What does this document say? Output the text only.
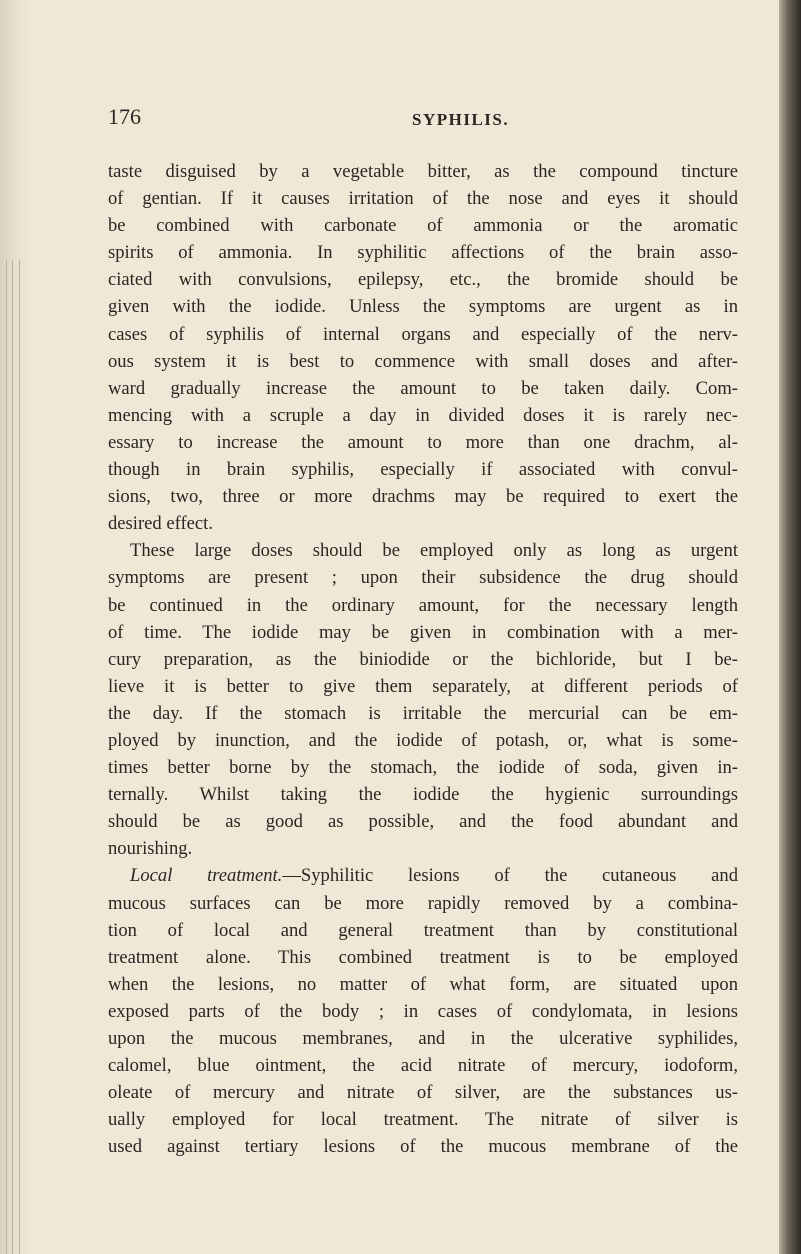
176	SYPHILIS.

taste disguised by a vegetable bitter, as the compound tincture

of gentian. If it causes irritation of the nose and eyes it should

be combined with carbonate of ammonia or the aromatic

spirits of ammonia. In syphilitic affections of the brain asso-

ciated with convulsions, epilepsy, etc., the bromide should be

given with the iodide. Unless the symptoms are urgent as in

cases of syphilis of internal organs and especially of the nerv-

ous system it is best to commence with small doses and after-

ward gradually increase the amount to be taken daily. Com-

mencing with a scruple a day in divided doses it is rarely nec-

essary to increase the amount to more than one drachm, al-

though in brain syphilis, especially if associated with convul-

sions, two, three or more drachms may be required to exert the

desired effect.

These large doses should be employed only as long as urgent

symptoms are present ; upon their subsidence the drug should

be continued in the ordinary amount, for the necessary length

of time. The iodide may be given in combination with a mer-

cury preparation, as the biniodide or the bichloride, but I be-

lieve it is better to give them separately, at different periods of

the day. If the stomach is irritable the mercurial can be em-

ployed by inunction, and the iodide of potash, or, what is some-

times better borne by the stomach, the iodide of soda, given in-

ternally. Whilst taking the iodide the hygienic surroundings

should be as good as possible, and the food abundant and

nourishing.

Local treatment.—Syphilitic lesions of the cutaneous and

mucous surfaces can be more rapidly removed by a combina-

tion of local and general treatment than by constitutional

treatment alone. This combined treatment is to be employed

when the lesions, no matter of what form, are situated upon

exposed parts of the body ; in cases of condylomata, in lesions

upon the mucous membranes, and in the ulcerative syphilides,

calomel, blue ointment, the acid nitrate of mercury, iodoform,

oleate of mercury and nitrate of silver, are the substances us-

ually employed for local treatment. The nitrate of silver is

used against tertiary lesions of the mucous membrane of the
